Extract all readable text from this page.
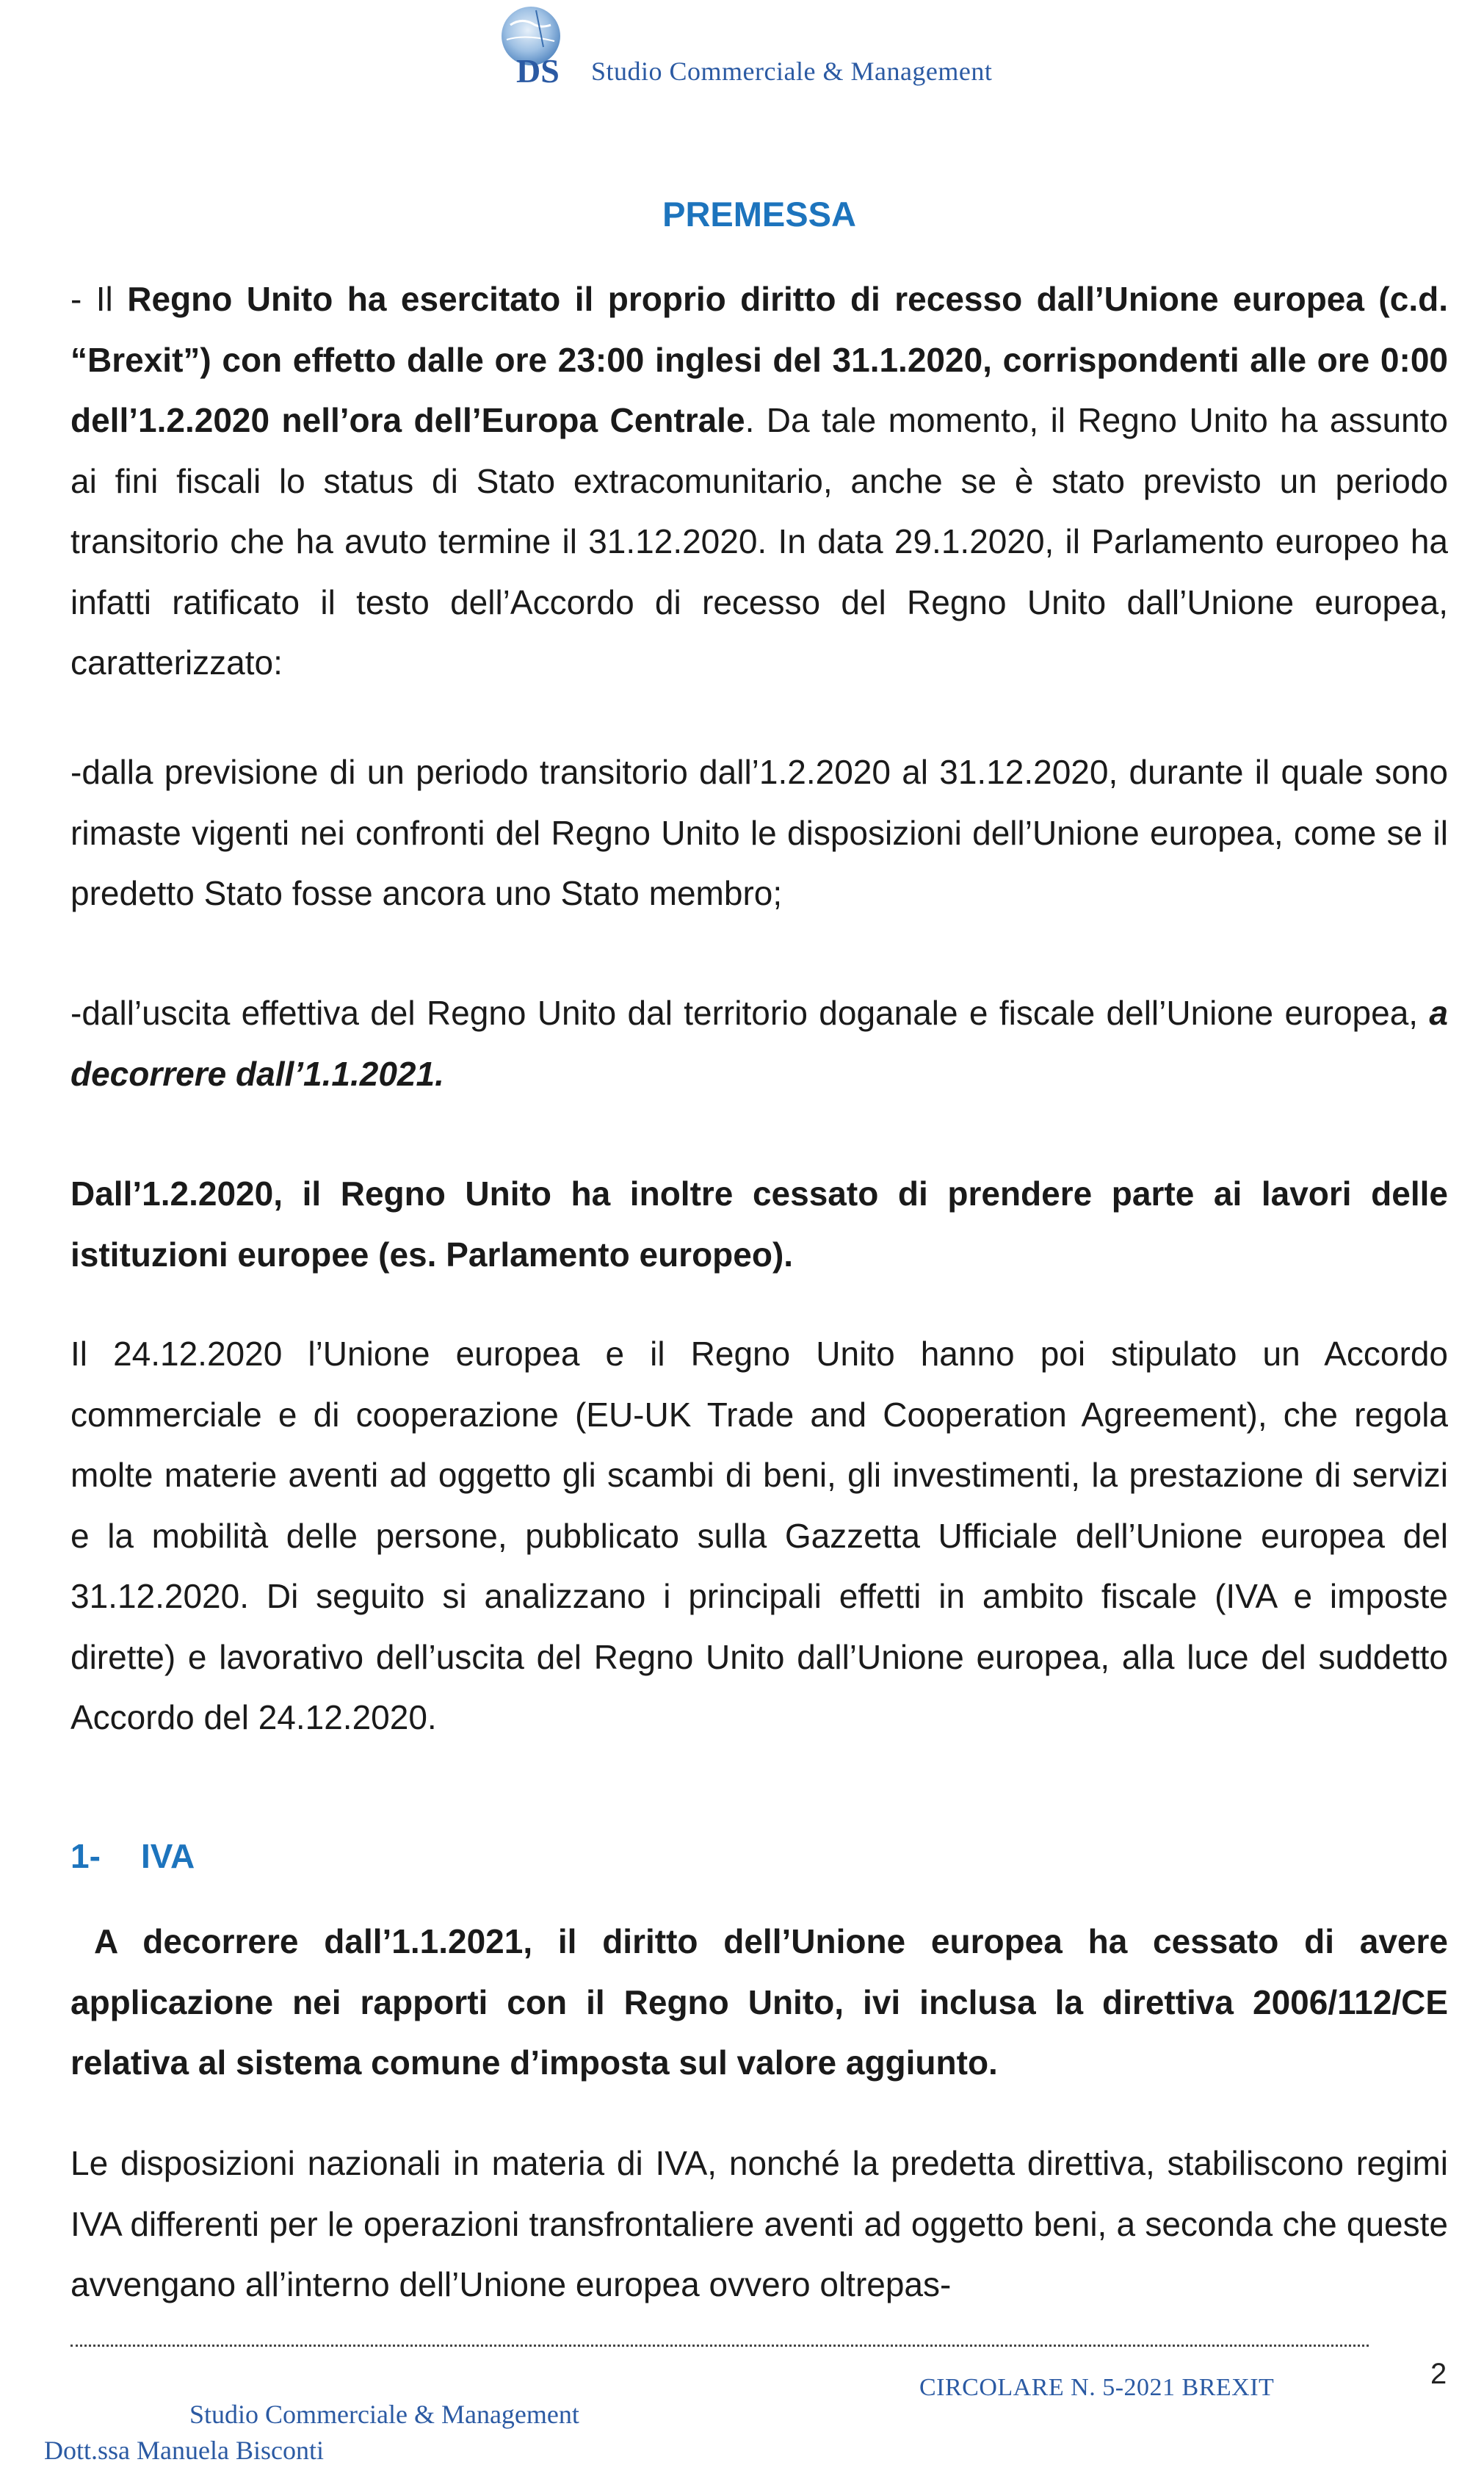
DS Studio Commerciale & Management
PREMESSA
- Il Regno Unito ha esercitato il proprio diritto di recesso dall’Unione europea (c.d. “Brexit”) con effetto dalle ore 23:00 inglesi del 31.1.2020, corrispondenti alle ore 0:00 dell’1.2.2020 nell’ora dell’Europa Centrale. Da tale momento, il Regno Unito ha assunto ai fini fiscali lo status di Stato extracomunitario, anche se è stato previsto un periodo transitorio che ha avuto termine il 31.12.2020. In data 29.1.2020, il Parlamento europeo ha infatti ratificato il testo dell’Accordo di recesso del Regno Unito dall’Unione europea, caratterizzato:
-dalla previsione di un periodo transitorio dall’1.2.2020 al 31.12.2020, durante il quale sono rimaste vigenti nei confronti del Regno Unito le disposizioni dell’Unione europea, come se il predetto Stato fosse ancora uno Stato membro;
-dall’uscita effettiva del Regno Unito dal territorio doganale e fiscale dell’Unione europea, a decorrere dall’1.1.2021.
Dall’1.2.2020, il Regno Unito ha inoltre cessato di prendere parte ai lavori delle istituzioni europee (es. Parlamento europeo).
Il 24.12.2020 l’Unione europea e il Regno Unito hanno poi stipulato un Accordo commerciale e di cooperazione (EU-UK Trade and Cooperation Agreement), che regola molte materie aventi ad oggetto gli scambi di beni, gli investimenti, la prestazione di servizi e la mobilità delle persone, pubblicato sulla Gazzetta Ufficiale dell’Unione europea del 31.12.2020. Di seguito si analizzano i principali effetti in ambito fiscale (IVA e imposte dirette) e lavorativo dell’uscita del Regno Unito dall’Unione europea, alla luce del suddetto Accordo del 24.12.2020.
1- IVA
A decorrere dall’1.1.2021, il diritto dell’Unione europea ha cessato di avere applicazione nei rapporti con il Regno Unito, ivi inclusa la direttiva 2006/112/CE relativa al sistema comune d’imposta sul valore aggiunto.
Le disposizioni nazionali in materia di IVA, nonché la predetta direttiva, stabiliscono regimi IVA differenti per le operazioni transfrontaliere aventi ad oggetto beni, a seconda che queste avvengano all’interno dell’Unione europea ovvero oltrepas-
2
CIRCOLARE N. 5-2021 BREXIT
Studio Commerciale & Management
Dott.ssa Manuela Bisconti
